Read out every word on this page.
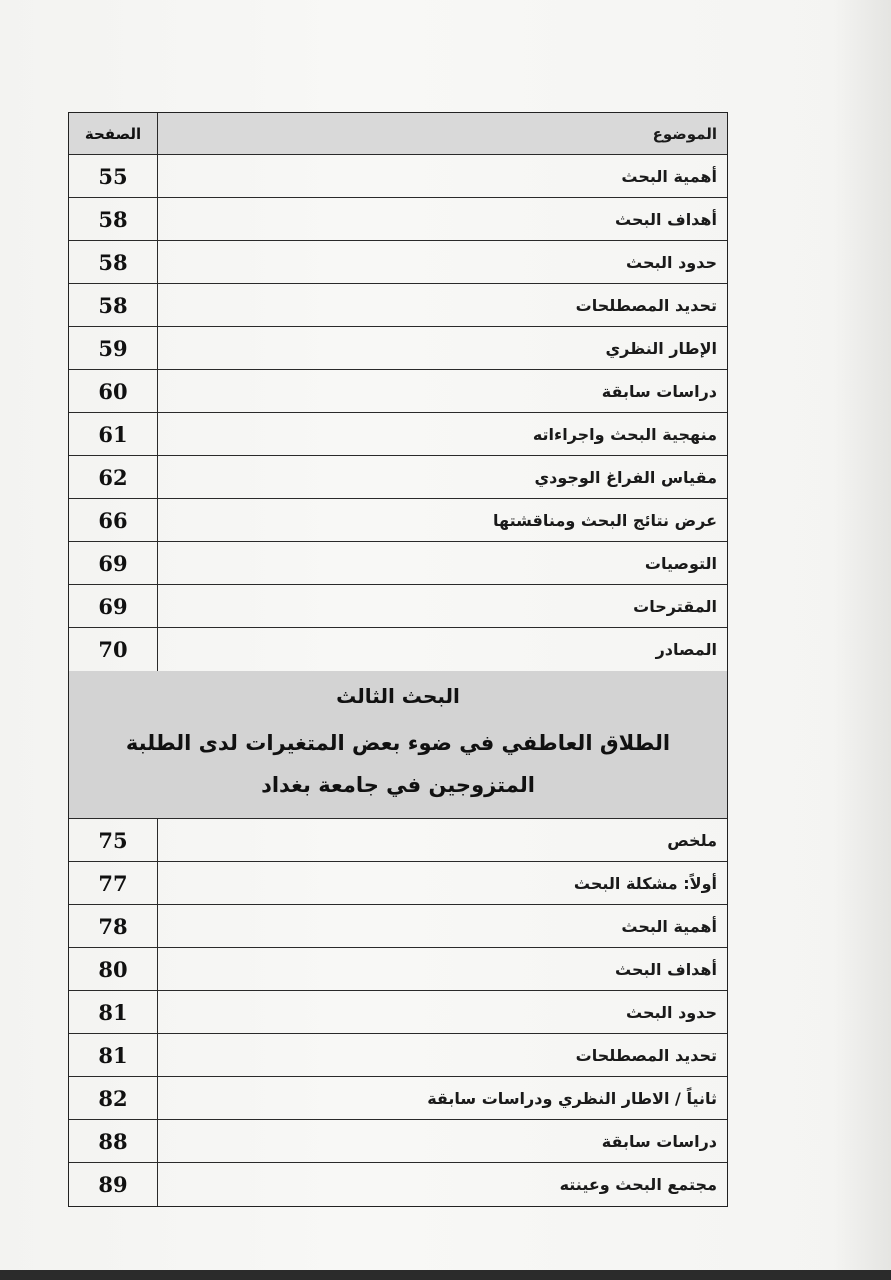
الموضوع
الصفحة
أهمية البحث
55
أهداف البحث
58
حدود البحث
58
تحديد المصطلحات
58
الإطار النظري
59
دراسات سابقة
60
منهجية البحث واجراءاته
61
مقياس الفراغ الوجودي
62
عرض نتائج البحث ومناقشتها
66
التوصيات
69
المقترحات
69
المصادر
70
البحث الثالث
الطلاق العاطفي في ضوء بعض المتغيرات لدى الطلبة المتزوجين في جامعة بغداد
ملخص
75
أولاً: مشكلة البحث
77
أهمية البحث
78
أهداف البحث
80
حدود البحث
81
تحديد المصطلحات
81
ثانياً / الاطار النظري ودراسات سابقة
82
دراسات سابقة
88
مجتمع البحث وعينته
89
